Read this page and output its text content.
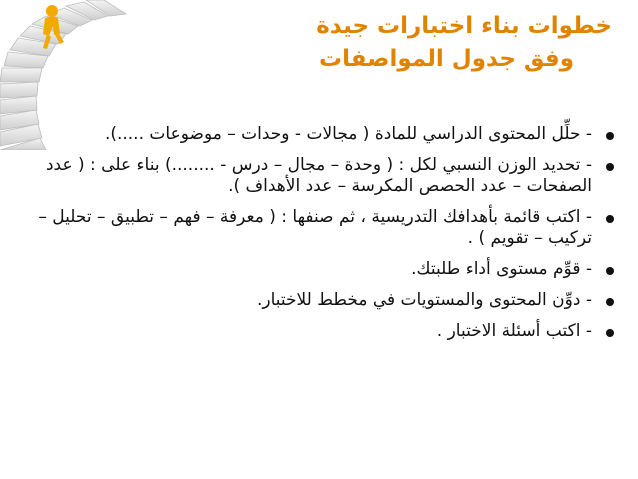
خطوات بناء اختبارات جيدة
وفق جدول المواصفات
- حلِّل المحتوى الدراسي للمادة ( مجالات - وحدات – موضوعات .....).
- تحديد الوزن النسبي لكل : ( وحدة – مجال – درس - ........) بناء على : ( عدد الصفحات – عدد الحصص المكرسة – عدد الأهداف ).
- اكتب قائمة بأهدافك التدريسية ، ثم صنفها : ( معرفة – فهم – تطبيق – تحليل – تركيب – تقويم ) .
- قوِّم مستوى أداء طلبتك.
- دوِّن المحتوى والمستويات في مخطط للاختبار.
- اكتب أسئلة الاختبار .
